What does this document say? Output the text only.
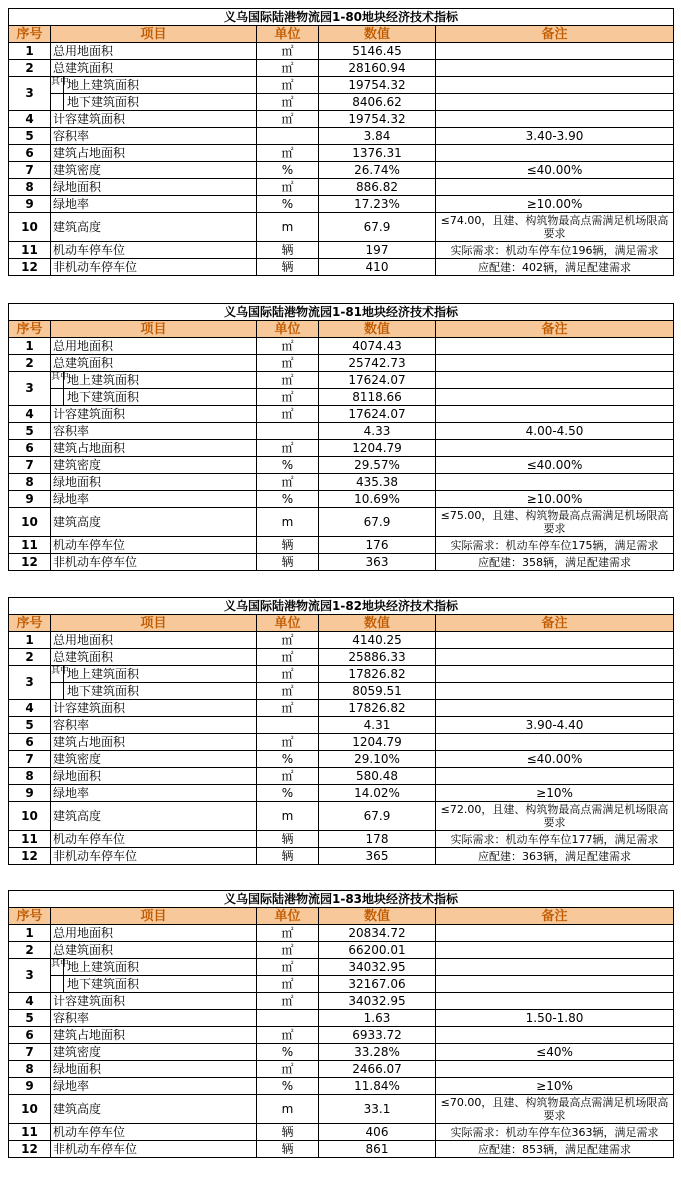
义乌国际陆港物流园1-80地块经济技术指标				
序号	项目	单位	数值	备注
1	总用地面积	㎡	5146.45	
2	总建筑面积	㎡	28160.94	
3	其中
地上建筑面积	㎡	19754.32	

地下建筑面积	㎡	8406.62	
4	计容建筑面积	㎡	19754.32	
5	容积率		3.84	3.40-3.90
6	建筑占地面积	㎡	1376.31	
7	建筑密度	%	26.74%	≤40.00%
8	绿地面积	㎡	886.82	
9	绿地率	%	17.23%	≥10.00%
10	建筑高度	m	67.9	≤74.00，且建、构筑物最高点需满足机场限高要求
11	机动车停车位	辆	197	实际需求：机动车停车位196辆，满足需求
12	非机动车停车位	辆	410	应配建：402辆，满足配建需求
义乌国际陆港物流园1-81地块经济技术指标				
序号	项目	单位	数值	备注
1	总用地面积	㎡	4074.43	
2	总建筑面积	㎡	25742.73	
3	其中
地上建筑面积	㎡	17624.07	

地下建筑面积	㎡	8118.66	
4	计容建筑面积	㎡	17624.07	
5	容积率		4.33	4.00-4.50
6	建筑占地面积	㎡	1204.79	
7	建筑密度	%	29.57%	≤40.00%
8	绿地面积	㎡	435.38	
9	绿地率	%	10.69%	≥10.00%
10	建筑高度	m	67.9	≤75.00，且建、构筑物最高点需满足机场限高要求
11	机动车停车位	辆	176	实际需求：机动车停车位175辆，满足需求
12	非机动车停车位	辆	363	应配建：358辆，满足配建需求
义乌国际陆港物流园1-82地块经济技术指标				
序号	项目	单位	数值	备注
1	总用地面积	㎡	4140.25	
2	总建筑面积	㎡	25886.33	
3	其中
地上建筑面积	㎡	17826.82	

地下建筑面积	㎡	8059.51	
4	计容建筑面积	㎡	17826.82	
5	容积率		4.31	3.90-4.40
6	建筑占地面积	㎡	1204.79	
7	建筑密度	%	29.10%	≤40.00%
8	绿地面积	㎡	580.48	
9	绿地率	%	14.02%	≥10%
10	建筑高度	m	67.9	≤72.00，且建、构筑物最高点需满足机场限高要求
11	机动车停车位	辆	178	实际需求：机动车停车位177辆，满足需求
12	非机动车停车位	辆	365	应配建：363辆，满足配建需求
义乌国际陆港物流园1-83地块经济技术指标				
序号	项目	单位	数值	备注
1	总用地面积	㎡	20834.72	
2	总建筑面积	㎡	66200.01	
3	其中
地上建筑面积	㎡	34032.95	

地下建筑面积	㎡	32167.06	
4	计容建筑面积	㎡	34032.95	
5	容积率		1.63	1.50-1.80
6	建筑占地面积	㎡	6933.72	
7	建筑密度	%	33.28%	≤40%
8	绿地面积	㎡	2466.07	
9	绿地率	%	11.84%	≥10%
10	建筑高度	m	33.1	≤70.00，且建、构筑物最高点需满足机场限高要求
11	机动车停车位	辆	406	实际需求：机动车停车位363辆，满足需求
12	非机动车停车位	辆	861	应配建：853辆，满足配建需求
